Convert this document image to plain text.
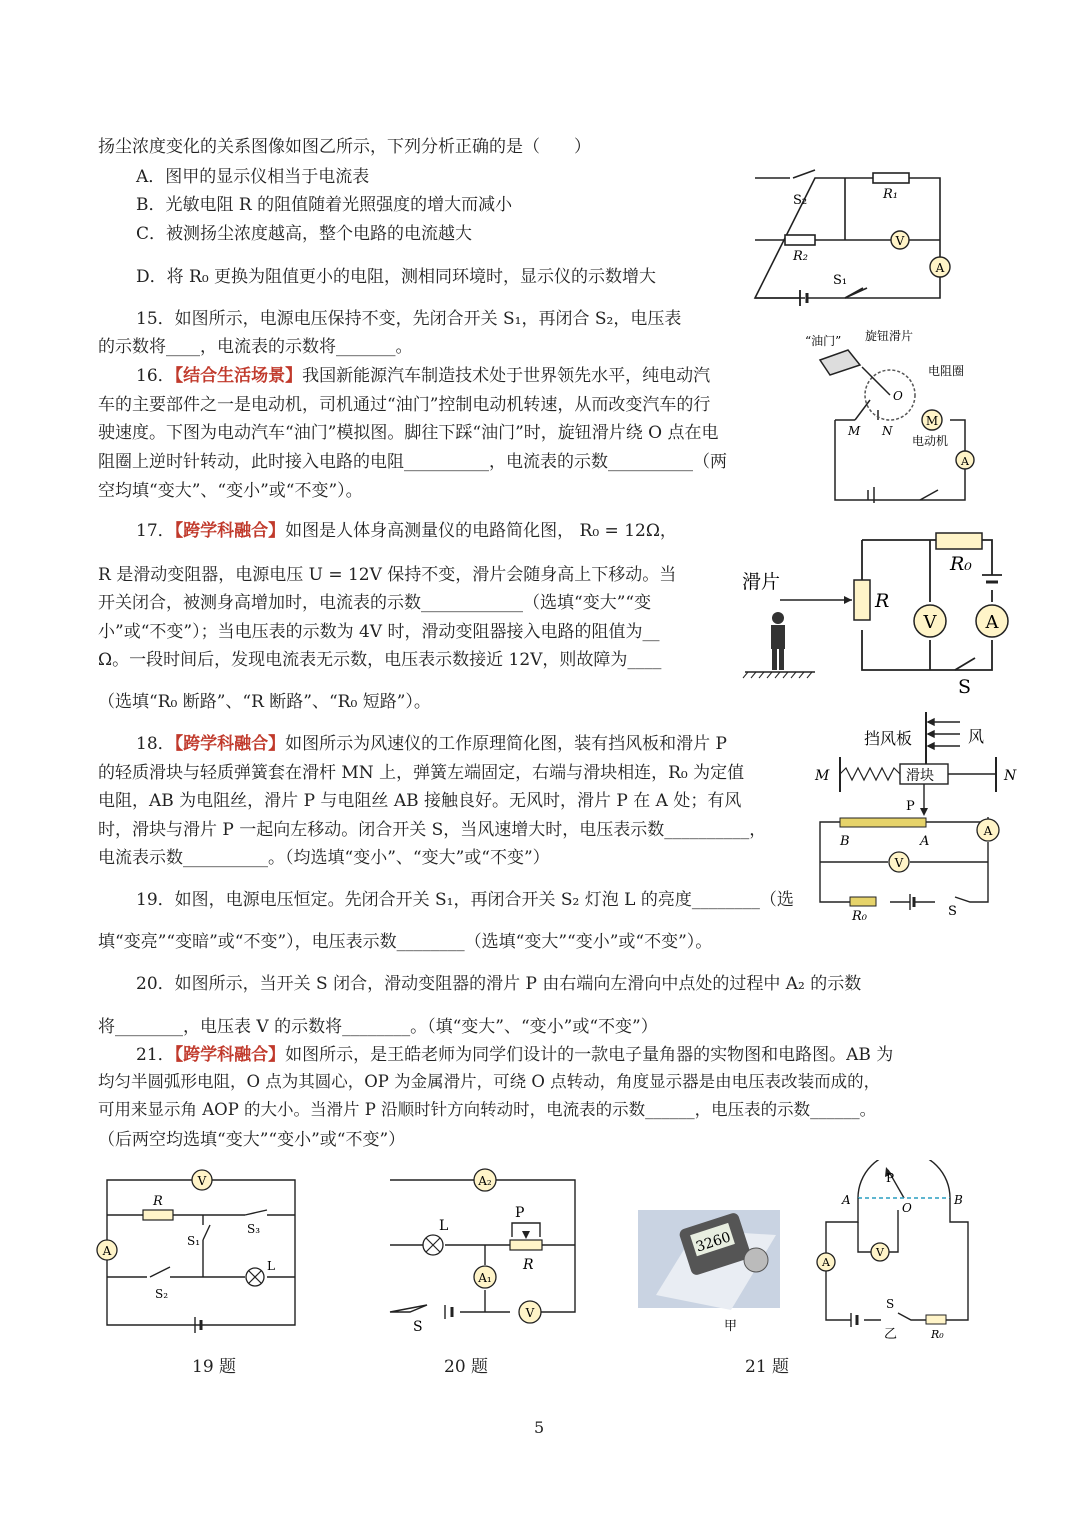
扬尘浓度变化的关系图像如图乙所示，下列分析正确的是（　　）
A．图甲的显示仪相当于电流表
B．光敏电阻 R 的阻值随着光照强度的增大而减小
C．被测扬尘浓度越高，整个电路的电流越大
D．将 R₀ 更换为阻值更小的电阻，测相同环境时，显示仪的示数增大
15．如图所示，电源电压保持不变，先闭合开关 S₁，再闭合 S₂，电压表
的示数将____，电流表的示数将_______。
16．【结合生活场景】我国新能源汽车制造技术处于世界领先水平，纯电动汽
车的主要部件之一是电动机，司机通过“油门”控制电动机转速，从而改变汽车的行
驶速度。下图为电动汽车“油门”模拟图。脚往下踩“油门”时，旋钮滑片绕 O 点在电
阻圈上逆时针转动，此时接入电路的电阻__________，电流表的示数__________（两
空均填“变大”、“变小”或“不变”）。
17．【跨学科融合】如图是人体身高测量仪的电路简化图， R₀ = 12Ω，
R 是滑动变阻器，电源电压 U = 12V 保持不变，滑片会随身高上下移动。当
开关闭合，被测身高增加时，电流表的示数____________（选填“变大”“变
小”或“不变”）；当电压表的示数为 4V 时，滑动变阻器接入电路的阻值为__
Ω。一段时间后，发现电流表无示数，电压表示数接近 12V，则故障为____
（选填“R₀ 断路”、“R 断路”、“R₀ 短路”）。
18．【跨学科融合】如图所示为风速仪的工作原理简化图，装有挡风板和滑片 P
的轻质滑块与轻质弹簧套在滑杆 MN 上，弹簧左端固定，右端与滑块相连，R₀ 为定值
电阻，AB 为电阻丝，滑片 P 与电阻丝 AB 接触良好。无风时，滑片 P 在 A 处；有风
时，滑块与滑片 P 一起向左移动。闭合开关 S，当风速增大时，电压表示数__________，
电流表示数__________。（均选填“变小”、“变大”或“不变”）
19．如图，电源电压恒定。先闭合开关 S₁，再闭合开关 S₂ 灯泡 L 的亮度________（选
填“变亮”“变暗”或“不变”），电压表示数________（选填“变大”“变小”或“不变”）。
20．如图所示，当开关 S 闭合，滑动变阻器的滑片 P 由右端向左滑向中点处的过程中 A₂ 的示数
将________，电压表 V 的示数将________。（填“变大”、“变小”或“不变”）
21．【跨学科融合】如图所示，是王皓老师为同学们设计的一款电子量角器的实物图和电路图。AB 为
均匀半圆弧形电阻，O 点为其圆心，OP 为金属滑片，可绕 O 点转动，角度显示器是由电压表改装而成的，
可用来显示角 AOP 的大小。当滑片 P 沿顺时针方向转动时，电流表的示数______，电压表的示数______。
（后两空均选填“变大”“变小”或“不变”）
V
A
S₂	R₁
R₂
S₁
M
A
“油门” 旋钮滑片
电阻圈
M N
O
电动机
V	A
滑片
R
R₀
S
V
A
挡风板	风
M	N
滑块
P
B	A
R₀	S
V
A
R
S₃
S₁
L
S₂
A₂
A₁
V
L
P
R
S
3260
甲
V
A
P
A
O
B
S
R₀
乙
19 题	20 题	21 题
5
